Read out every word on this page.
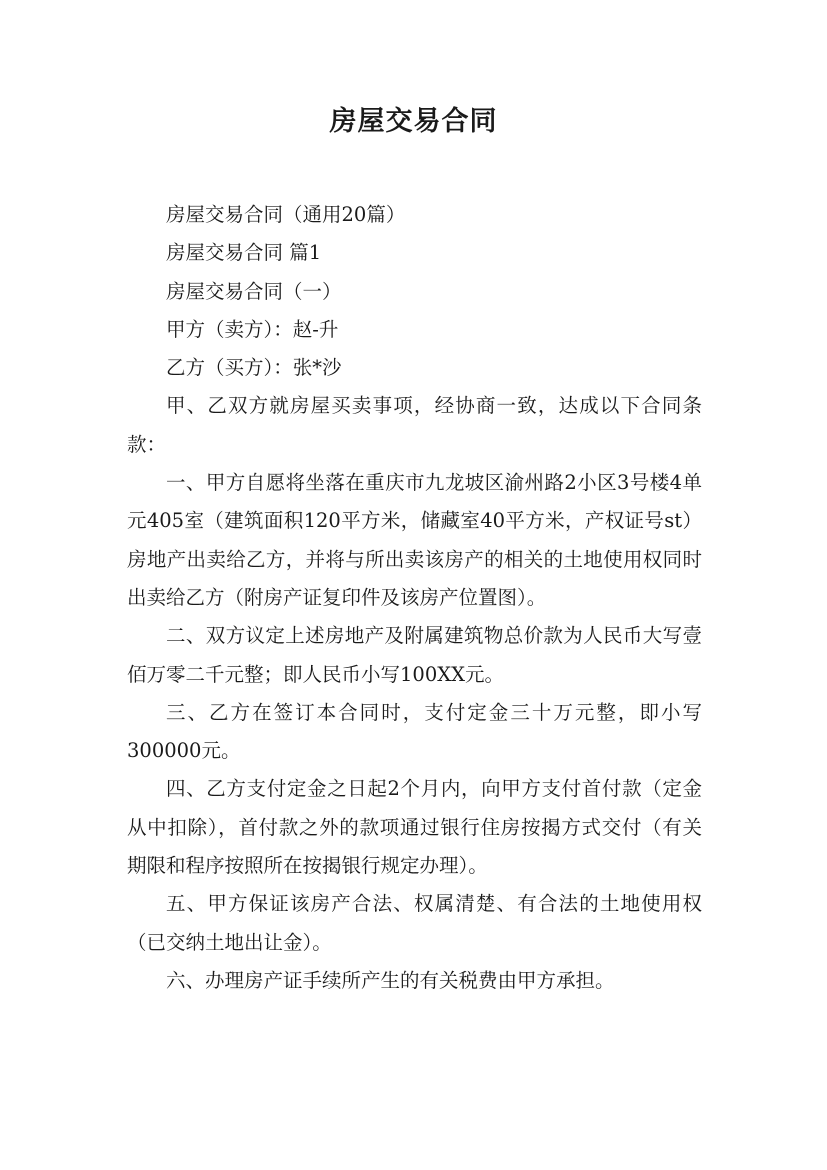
房屋交易合同

房屋交易合同（通用20篇）

房屋交易合同 篇1

房屋交易合同（一）

甲方（卖方）：赵-升

乙方（买方）：张*沙

甲、乙双方就房屋买卖事项，经协商一致，达成以下合同条款：

一、甲方自愿将坐落在重庆市九龙坡区渝州路2小区3号楼4单元405室（建筑面积120平方米，储藏室40平方米，产权证号st）房地产出卖给乙方，并将与所出卖该房产的相关的土地使用权同时出卖给乙方（附房产证复印件及该房产位置图）。

二、双方议定上述房地产及附属建筑物总价款为人民币大写壹佰万零二千元整；即人民币小写100XX元。

三、乙方在签订本合同时，支付定金三十万元整，即小写300000元。

四、乙方支付定金之日起2个月内，向甲方支付首付款（定金从中扣除），首付款之外的款项通过银行住房按揭方式交付（有关期限和程序按照所在按揭银行规定办理）。

五、甲方保证该房产合法、权属清楚、有合法的土地使用权（已交纳土地出让金）。

六、办理房产证手续所产生的有关税费由甲方承担。
